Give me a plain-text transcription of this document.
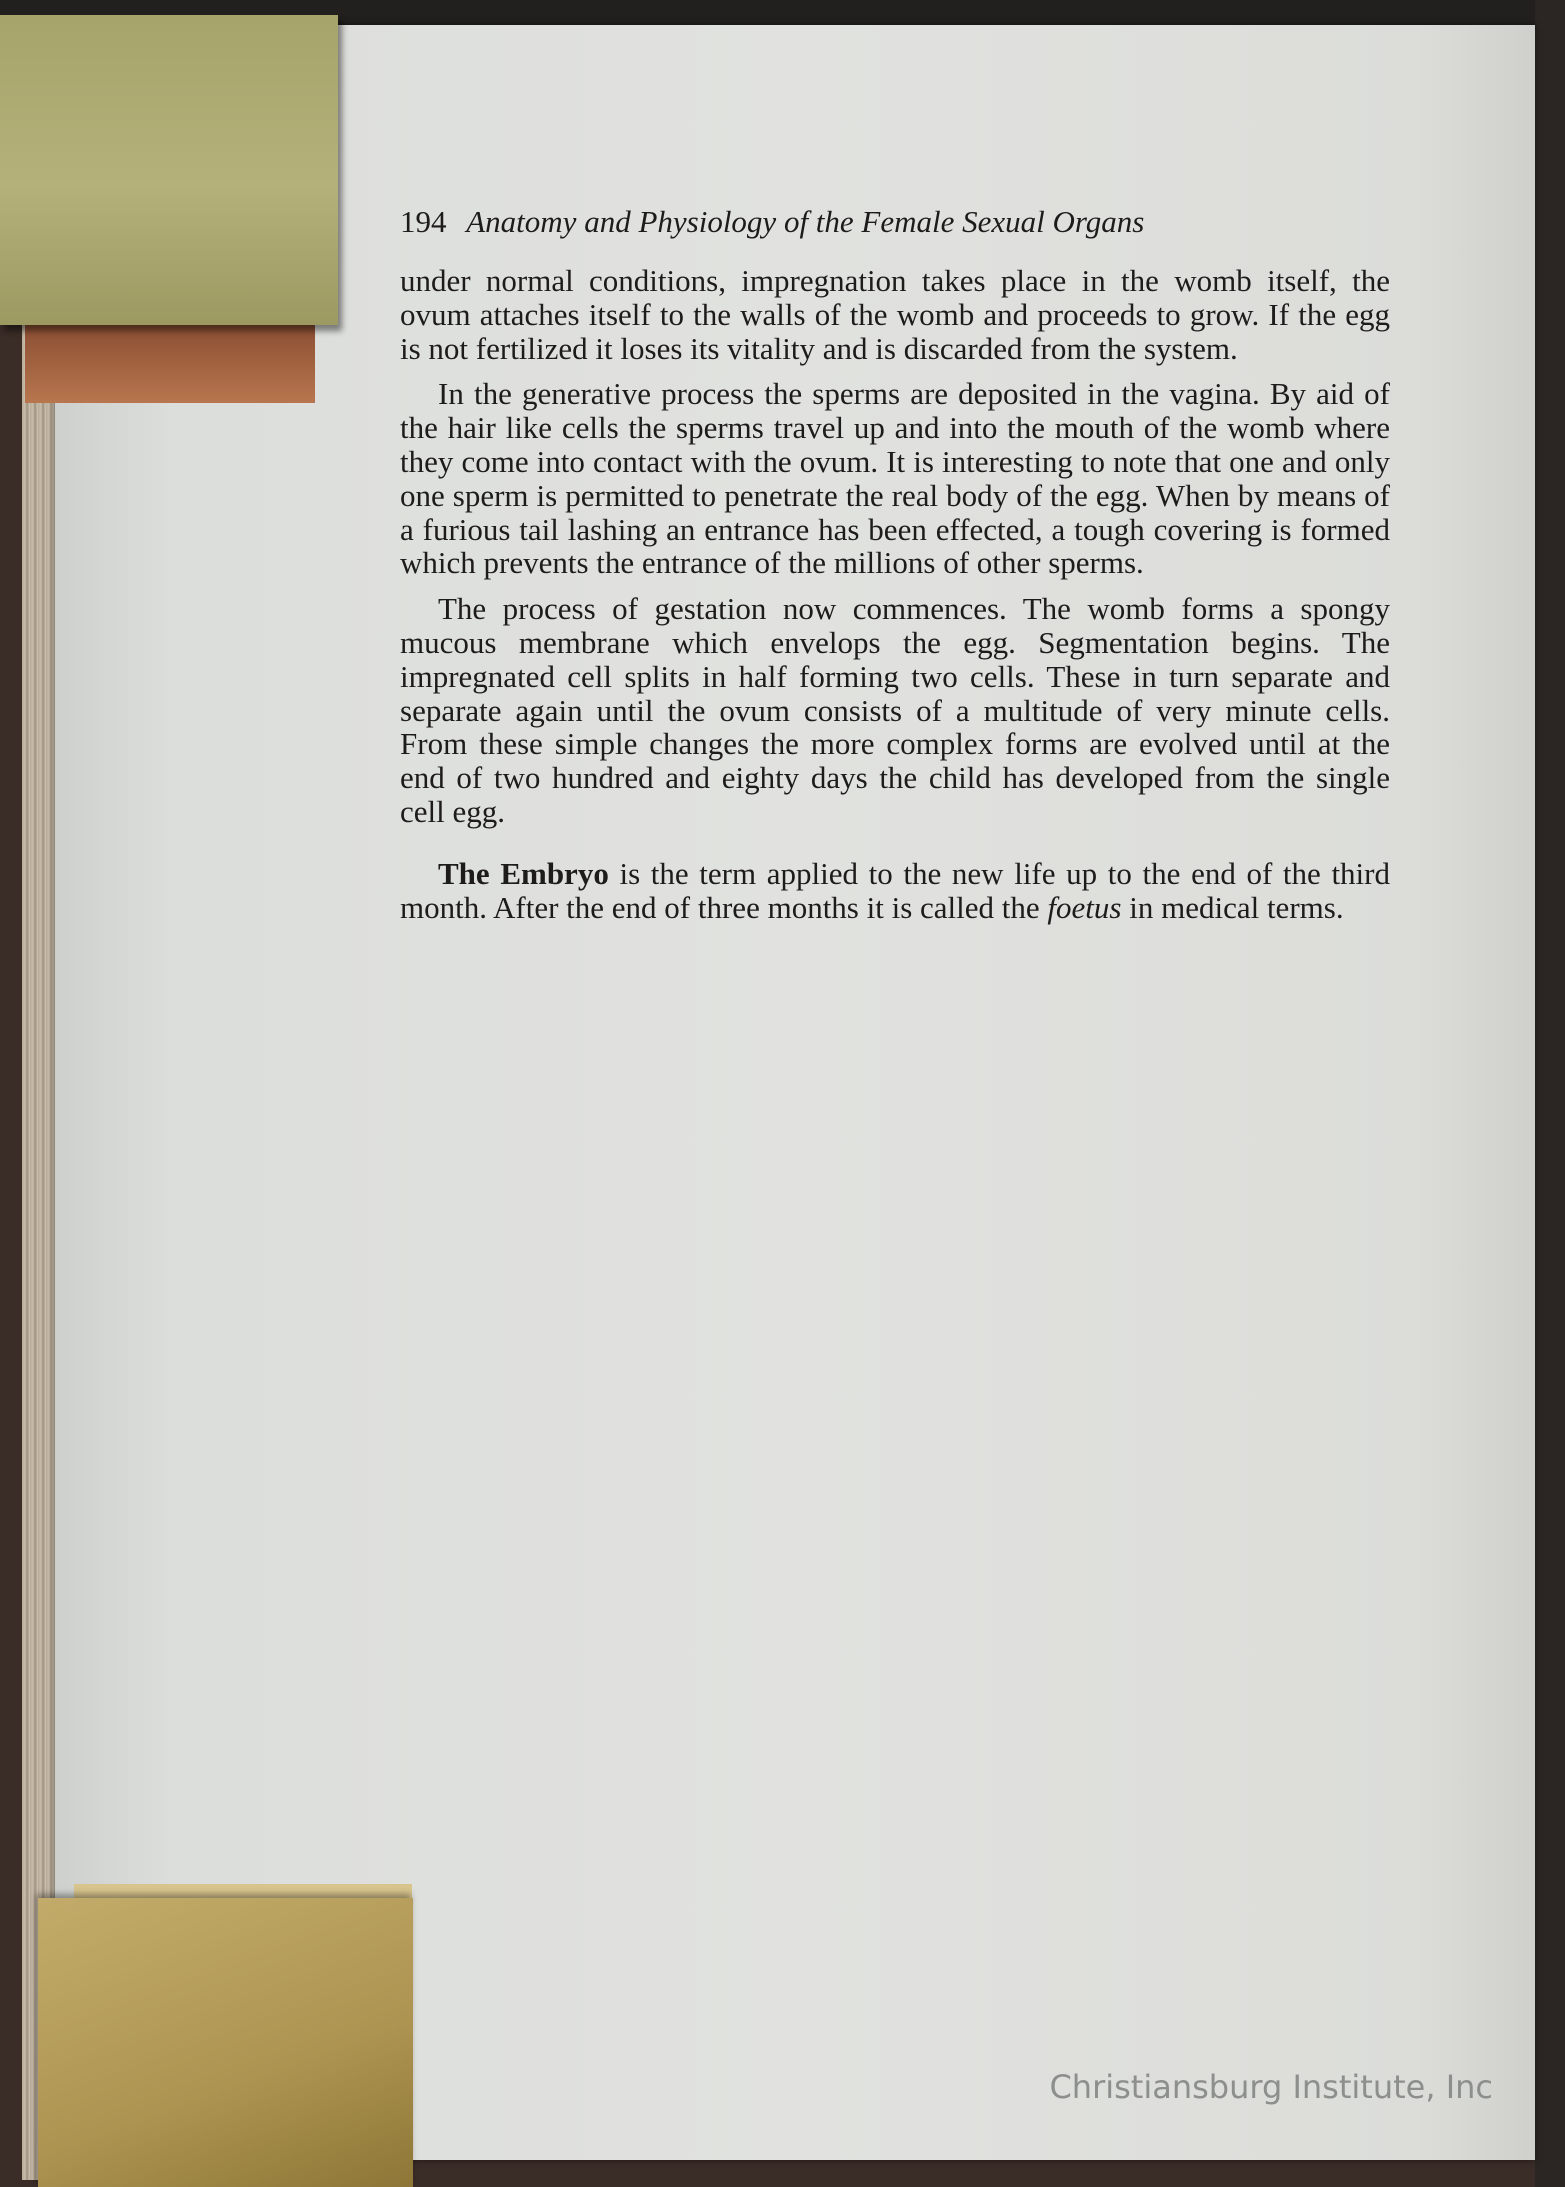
194 Anatomy and Physiology of the Female Sexual Organs

under normal conditions, impregnation takes place in the womb itself, the ovum attaches itself to the walls of the womb and proceeds to grow. If the egg is not fertilized it loses its vitality and is discarded from the system.

In the generative process the sperms are deposited in the vagina. By aid of the hair like cells the sperms travel up and into the mouth of the womb where they come into contact with the ovum. It is interesting to note that one and only one sperm is permitted to penetrate the real body of the egg. When by means of a furious tail lashing an entrance has been effected, a tough covering is formed which prevents the entrance of the millions of other sperms.

The process of gestation now commences. The womb forms a spongy mucous membrane which envelops the egg. Segmentation begins. The impregnated cell splits in half forming two cells. These in turn separate and separate again until the ovum consists of a multitude of very minute cells. From these simple changes the more complex forms are evolved until at the end of two hundred and eighty days the child has developed from the single cell egg.

The Embryo is the term applied to the new life up to the end of the third month. After the end of three months it is called the foetus in medical terms.

Christiansburg Institute, Inc
